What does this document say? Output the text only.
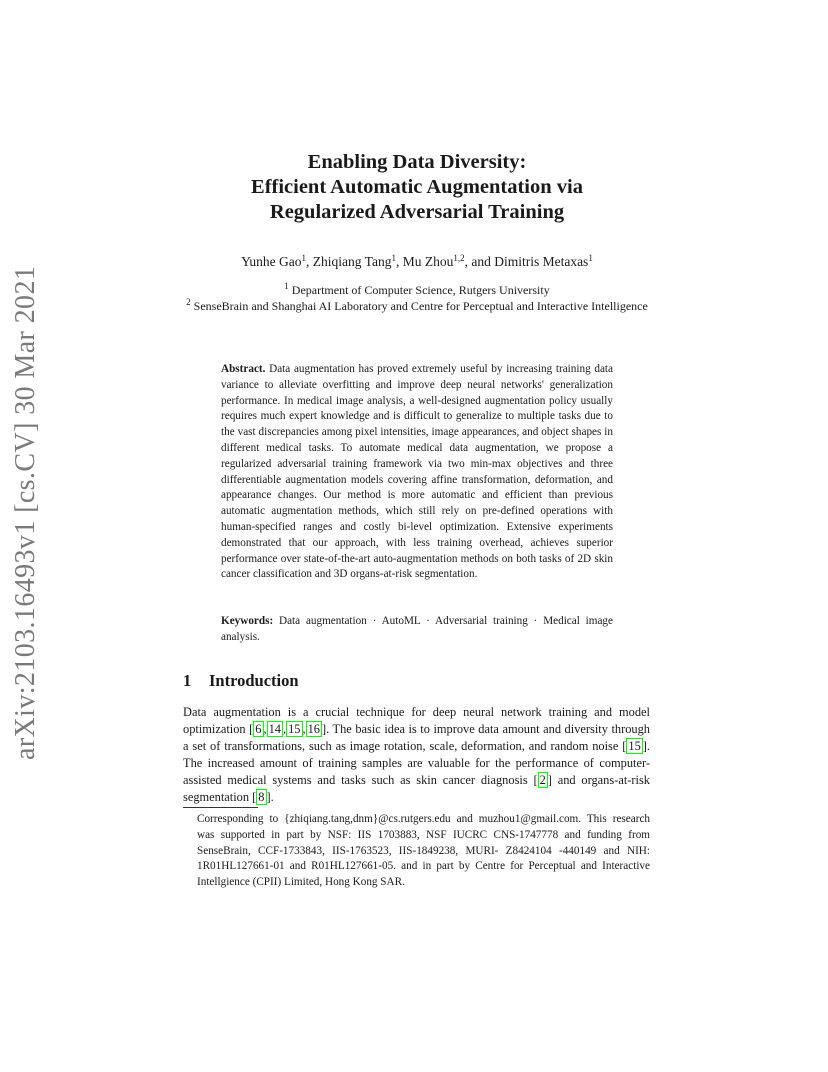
arXiv:2103.16493v1 [cs.CV] 30 Mar 2021
Enabling Data Diversity:
Efficient Automatic Augmentation via
Regularized Adversarial Training
Yunhe Gao$^1$, Zhiqiang Tang$^1$, Mu Zhou$^{1,2}$, and Dimitris Metaxas$^1$
$^1$ Department of Computer Science, Rutgers University
$^2$ SenseBrain and Shanghai AI Laboratory and Centre for Perceptual and Interactive Intelligence
Abstract. Data augmentation has proved extremely useful by increasing training data variance to alleviate overfitting and improve deep neural networks' generalization performance. In medical image analysis, a well-designed augmentation policy usually requires much expert knowledge and is difficult to generalize to multiple tasks due to the vast discrepancies among pixel intensities, image appearances, and object shapes in different medical tasks. To automate medical data augmentation, we propose a regularized adversarial training framework via two min-max objectives and three differentiable augmentation models covering affine transformation, deformation, and appearance changes. Our method is more automatic and efficient than previous automatic augmentation methods, which still rely on pre-defined operations with human-specified ranges and costly bi-level optimization. Extensive experiments demonstrated that our approach, with less training overhead, achieves superior performance over state-of-the-art auto-augmentation methods on both tasks of 2D skin cancer classification and 3D organs-at-risk segmentation.
Keywords: Data augmentation · AutoML · Adversarial training · Medical image analysis.
1 Introduction
Data augmentation is a crucial technique for deep neural network training and model optimization [ 6 , 14 , 15 , 16 ]. The basic idea is to improve data amount and diversity through a set of transformations, such as image rotation, scale, deformation, and random noise [ 15 ]. The increased amount of training samples are valuable for the performance of computer-assisted medical systems and tasks such as skin cancer diagnosis [ 2 ] and organs-at-risk segmentation [ 8 ].
Corresponding to {zhiqiang.tang,dnm}@cs.rutgers.edu and muzhou1@gmail.com. This research was supported in part by NSF: IIS 1703883, NSF IUCRC CNS-1747778 and funding from SenseBrain, CCF-1733843, IIS-1763523, IIS-1849238, MURI- Z8424104 -440149 and NIH: 1R01HL127661-01 and R01HL127661-05. and in part by Centre for Perceptual and Interactive Intellgience (CPII) Limited, Hong Kong SAR.
